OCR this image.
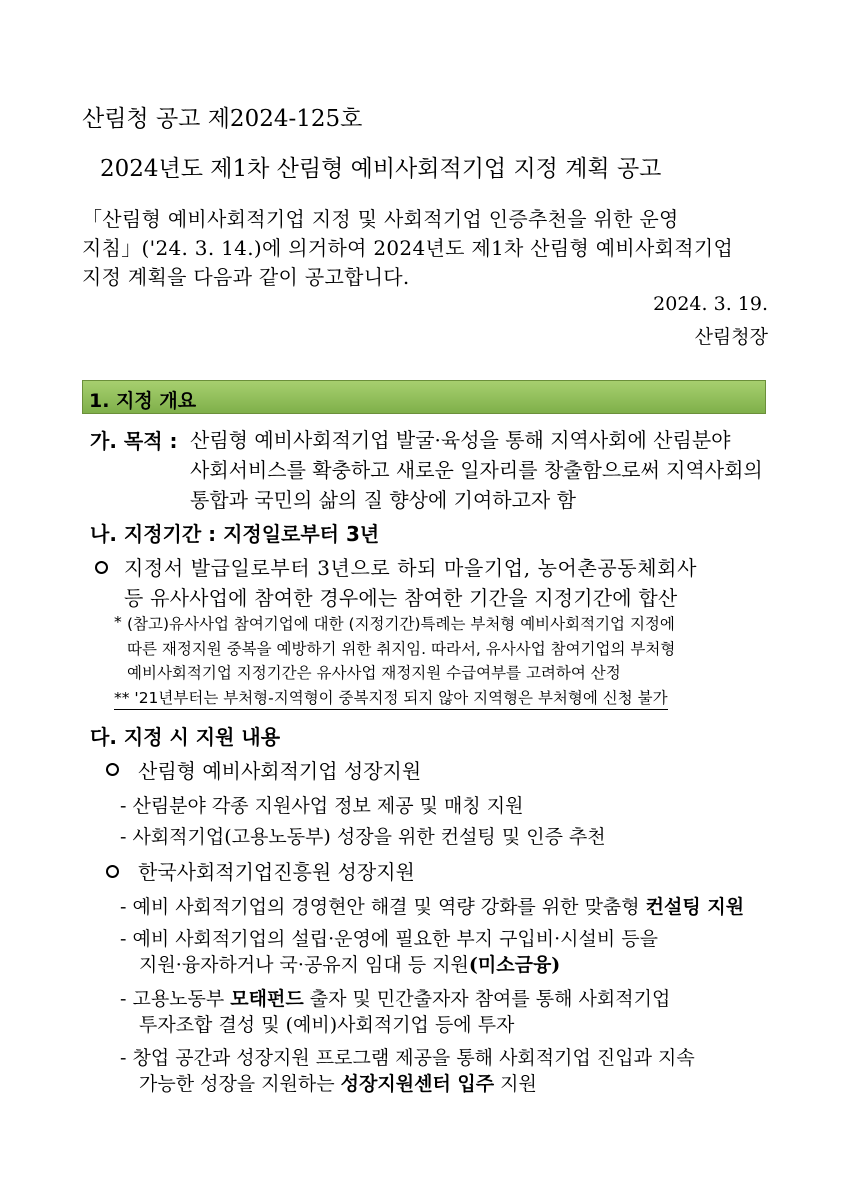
산림청 공고 제2024-125호
2024년도 제1차 산림형 예비사회적기업 지정 계획 공고
「산림형 예비사회적기업 지정 및 사회적기업 인증추천을 위한 운영
지침」('24. 3. 14.)에 의거하여 2024년도 제1차 산림형 예비사회적기업
지정 계획을 다음과 같이 공고합니다.
2024. 3. 19.
산림청장
1. 지정 개요
가. 목적 : 산림형 예비사회적기업 발굴·육성을 통해 지역사회에 산림분야
사회서비스를 확충하고 새로운 일자리를 창출함으로써 지역사회의
통합과 국민의 삶의 질 향상에 기여하고자 함
나. 지정기간 : 지정일로부터 3년
지정서 발급일로부터 3년으로 하되 마을기업, 농어촌공동체회사
등 유사사업에 참여한 경우에는 참여한 기간을 지정기간에 합산
* (참고)유사사업 참여기업에 대한 (지정기간)특례는 부처형 예비사회적기업 지정에
따른 재정지원 중복을 예방하기 위한 취지임. 따라서, 유사사업 참여기업의 부처형
예비사회적기업 지정기간은 유사사업 재정지원 수급여부를 고려하여 산정
** '21년부터는 부처형-지역형이 중복지정 되지 않아 지역형은 부처형에 신청 불가
다. 지정 시 지원 내용
산림형 예비사회적기업 성장지원
- 산림분야 각종 지원사업 정보 제공 및 매칭 지원
- 사회적기업(고용노동부) 성장을 위한 컨설팅 및 인증 추천
한국사회적기업진흥원 성장지원
- 예비 사회적기업의 경영현안 해결 및 역량 강화를 위한 맞춤형 컨설팅 지원
- 예비 사회적기업의 설립·운영에 필요한 부지 구입비·시설비 등을
지원·융자하거나 국·공유지 임대 등 지원(미소금융)
- 고용노동부 모태펀드 출자 및 민간출자자 참여를 통해 사회적기업
투자조합 결성 및 (예비)사회적기업 등에 투자
- 창업 공간과 성장지원 프로그램 제공을 통해 사회적기업 진입과 지속
가능한 성장을 지원하는 성장지원센터 입주 지원
